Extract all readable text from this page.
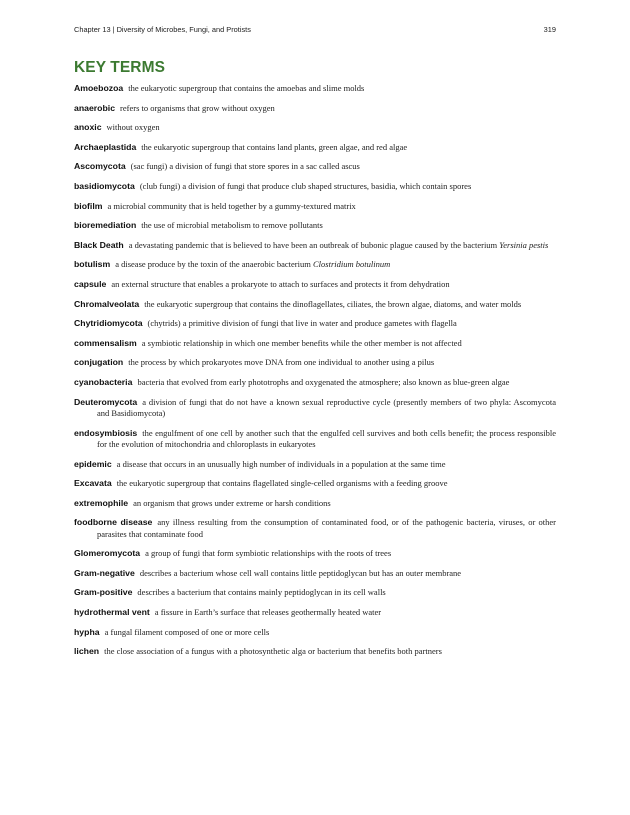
Chapter 13 | Diversity of Microbes, Fungi, and Protists	319
KEY TERMS

Amoebozoa the eukaryotic supergroup that contains the amoebas and slime molds

anaerobic refers to organisms that grow without oxygen

anoxic without oxygen

Archaeplastida the eukaryotic supergroup that contains land plants, green algae, and red algae

Ascomycota (sac fungi) a division of fungi that store spores in a sac called ascus

basidiomycota (club fungi) a division of fungi that produce club shaped structures, basidia, which contain spores

biofilm a microbial community that is held together by a gummy-textured matrix

bioremediation the use of microbial metabolism to remove pollutants

Black Death a devastating pandemic that is believed to have been an outbreak of bubonic plague caused by the bacterium Yersinia pestis

botulism a disease produce by the toxin of the anaerobic bacterium Clostridium botulinum

capsule an external structure that enables a prokaryote to attach to surfaces and protects it from dehydration

Chromalveolata the eukaryotic supergroup that contains the dinoflagellates, ciliates, the brown algae, diatoms, and water molds

Chytridiomycota (chytrids) a primitive division of fungi that live in water and produce gametes with flagella

commensalism a symbiotic relationship in which one member benefits while the other member is not affected

conjugation the process by which prokaryotes move DNA from one individual to another using a pilus

cyanobacteria bacteria that evolved from early phototrophs and oxygenated the atmosphere; also known as blue-green algae

Deuteromycota a division of fungi that do not have a known sexual reproductive cycle (presently members of two phyla: Ascomycota and Basidiomycota)

endosymbiosis the engulfment of one cell by another such that the engulfed cell survives and both cells benefit; the process responsible for the evolution of mitochondria and chloroplasts in eukaryotes

epidemic a disease that occurs in an unusually high number of individuals in a population at the same time

Excavata the eukaryotic supergroup that contains flagellated single-celled organisms with a feeding groove

extremophile an organism that grows under extreme or harsh conditions

foodborne disease any illness resulting from the consumption of contaminated food, or of the pathogenic bacteria, viruses, or other parasites that contaminate food

Glomeromycota a group of fungi that form symbiotic relationships with the roots of trees

Gram-negative describes a bacterium whose cell wall contains little peptidoglycan but has an outer membrane

Gram-positive describes a bacterium that contains mainly peptidoglycan in its cell walls

hydrothermal vent a fissure in Earth’s surface that releases geothermally heated water

hypha a fungal filament composed of one or more cells

lichen the close association of a fungus with a photosynthetic alga or bacterium that benefits both partners
